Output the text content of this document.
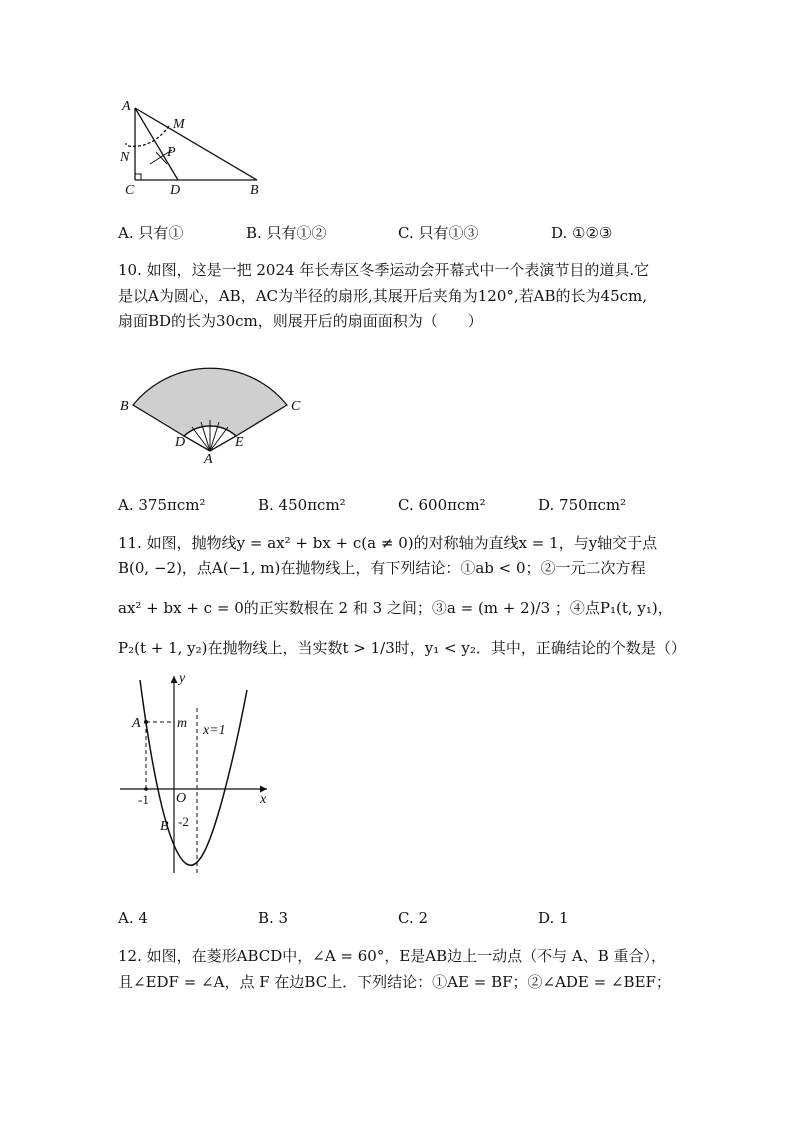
A
M
N	P
C	D	B
A. 只有①	B. 只有①②	C. 只有①③	D. ①②③
10. 如图，这是一把 2024 年长寿区冬季运动会开幕式中一个表演节目的道具.它
是以A为圆心，AB，AC为半径的扇形,其展开后夹角为120°,若AB的长为45cm,
扇面BD的长为30cm，则展开后的扇面面积为（　　）
B	C
D	E
A
A. 375πcm²	B. 450πcm²	C. 600πcm²	D. 750πcm²
11. 如图，抛物线y = ax² + bx + c(a ≠ 0)的对称轴为直线x = 1，与y轴交于点
B(0, −2)，点A(−1, m)在抛物线上，有下列结论：①ab < 0；②一元二次方程
ax² + bx + c = 0的正实数根在 2 和 3 之间；③a = (m + 2)/3 ；④点P₁(t, y₁)，
P₂(t + 1, y₂)在抛物线上，当实数t > 1/3时，y₁ < y₂．其中，正确结论的个数是（）
y
x
O
A
B
m x=1
-1
-2
A. 4	B. 3	C. 2	D. 1
12. 如图，在菱形ABCD中，∠A = 60°，E是AB边上一动点（不与 A、B 重合），
且∠EDF = ∠A，点 F 在边BC上．下列结论：①AE = BF；②∠ADE = ∠BEF；
